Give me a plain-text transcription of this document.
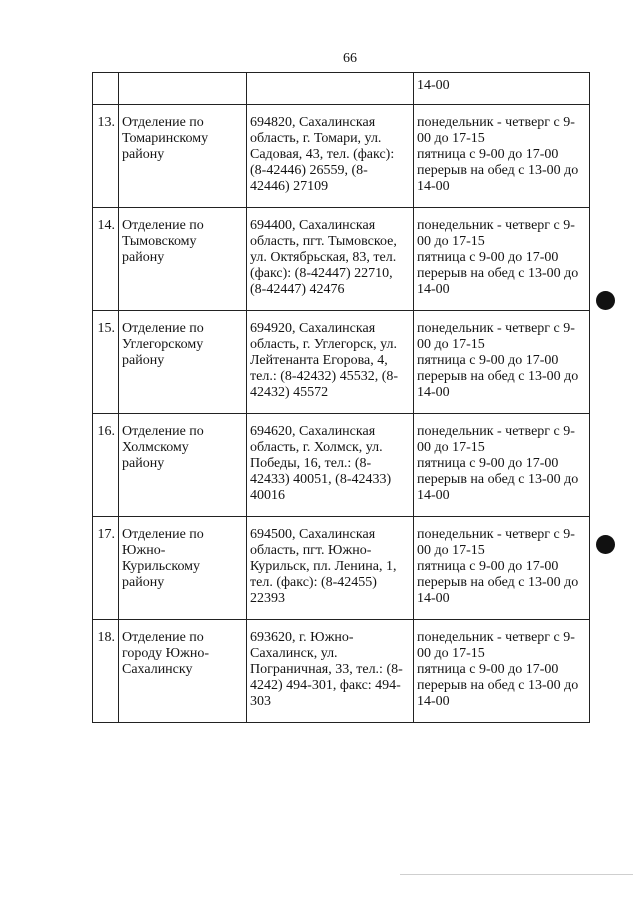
66
			14-00
13.	Отделение по
Томаринскому
району	694820, Сахалинская
область, г. Томари, ул.
Садовая, 43, тел. (факс):
(8-42446) 26559, (8-
42446) 27109	понедельник - четверг с 9-
00 до 17-15
пятница с 9-00 до 17-00
перерыв на обед с 13-00 до
14-00
14.	Отделение по
Тымовскому
району	694400, Сахалинская
область, пгт. Тымовское,
ул. Октябрьская, 83, тел.
(факс): (8-42447) 22710,
(8-42447) 42476	понедельник - четверг с 9-
00 до 17-15
пятница с 9-00 до 17-00
перерыв на обед с 13-00 до
14-00
15.	Отделение по
Углегорскому
району	694920, Сахалинская
область, г. Углегорск, ул.
Лейтенанта Егорова, 4,
тел.: (8-42432) 45532, (8-
42432) 45572	понедельник - четверг с 9-
00 до 17-15
пятница с 9-00 до 17-00
перерыв на обед с 13-00 до
14-00
16.	Отделение по
Холмскому
району	694620, Сахалинская
область, г. Холмск, ул.
Победы, 16, тел.: (8-
42433) 40051, (8-42433)
40016	понедельник - четверг с 9-
00 до 17-15
пятница с 9-00 до 17-00
перерыв на обед с 13-00 до
14-00
17.	Отделение по
Южно-
Курильскому
району	694500, Сахалинская
область, пгт. Южно-
Курильск, пл. Ленина, 1,
тел. (факс): (8-42455)
22393	понедельник - четверг с 9-
00 до 17-15
пятница с 9-00 до 17-00
перерыв на обед с 13-00 до
14-00
18.	Отделение по
городу Южно-
Сахалинску	693620, г. Южно-
Сахалинск, ул.
Пограничная, 33, тел.: (8-
4242) 494-301, факс: 494-
303	понедельник - четверг с 9-
00 до 17-15
пятница с 9-00 до 17-00
перерыв на обед с 13-00 до
14-00
